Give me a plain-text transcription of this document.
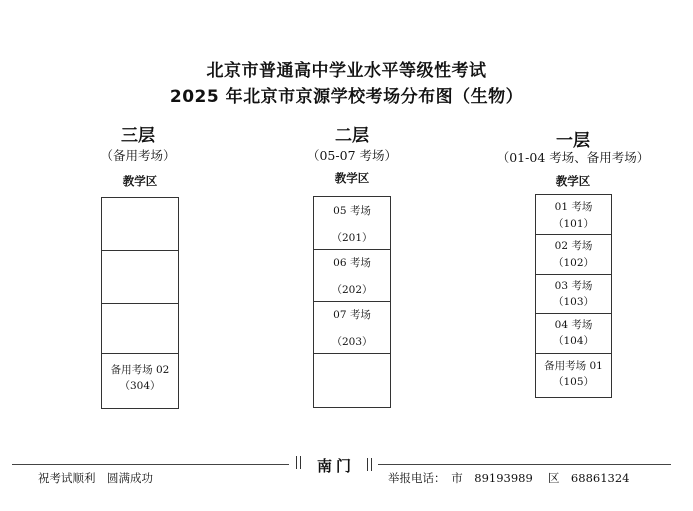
北京市普通高中学业水平等级性考试
2025 年北京市京源学校考场分布图（生物）
三层
（备用考场）
教学区
备用考场 02
（304）
二层
（05-07 考场）
教学区
05 考场
（201）
06 考场
（202）
07 考场
（203）
一层
（01-04 考场、备用考场）
教学区
01 考场
（101）
02 考场
（102）
03 考场
（103）
04 考场
（104）
备用考场 01
（105）
南门
祝考试顺利　圆满成功	举报电话：　市　89193989　 区　68861324
